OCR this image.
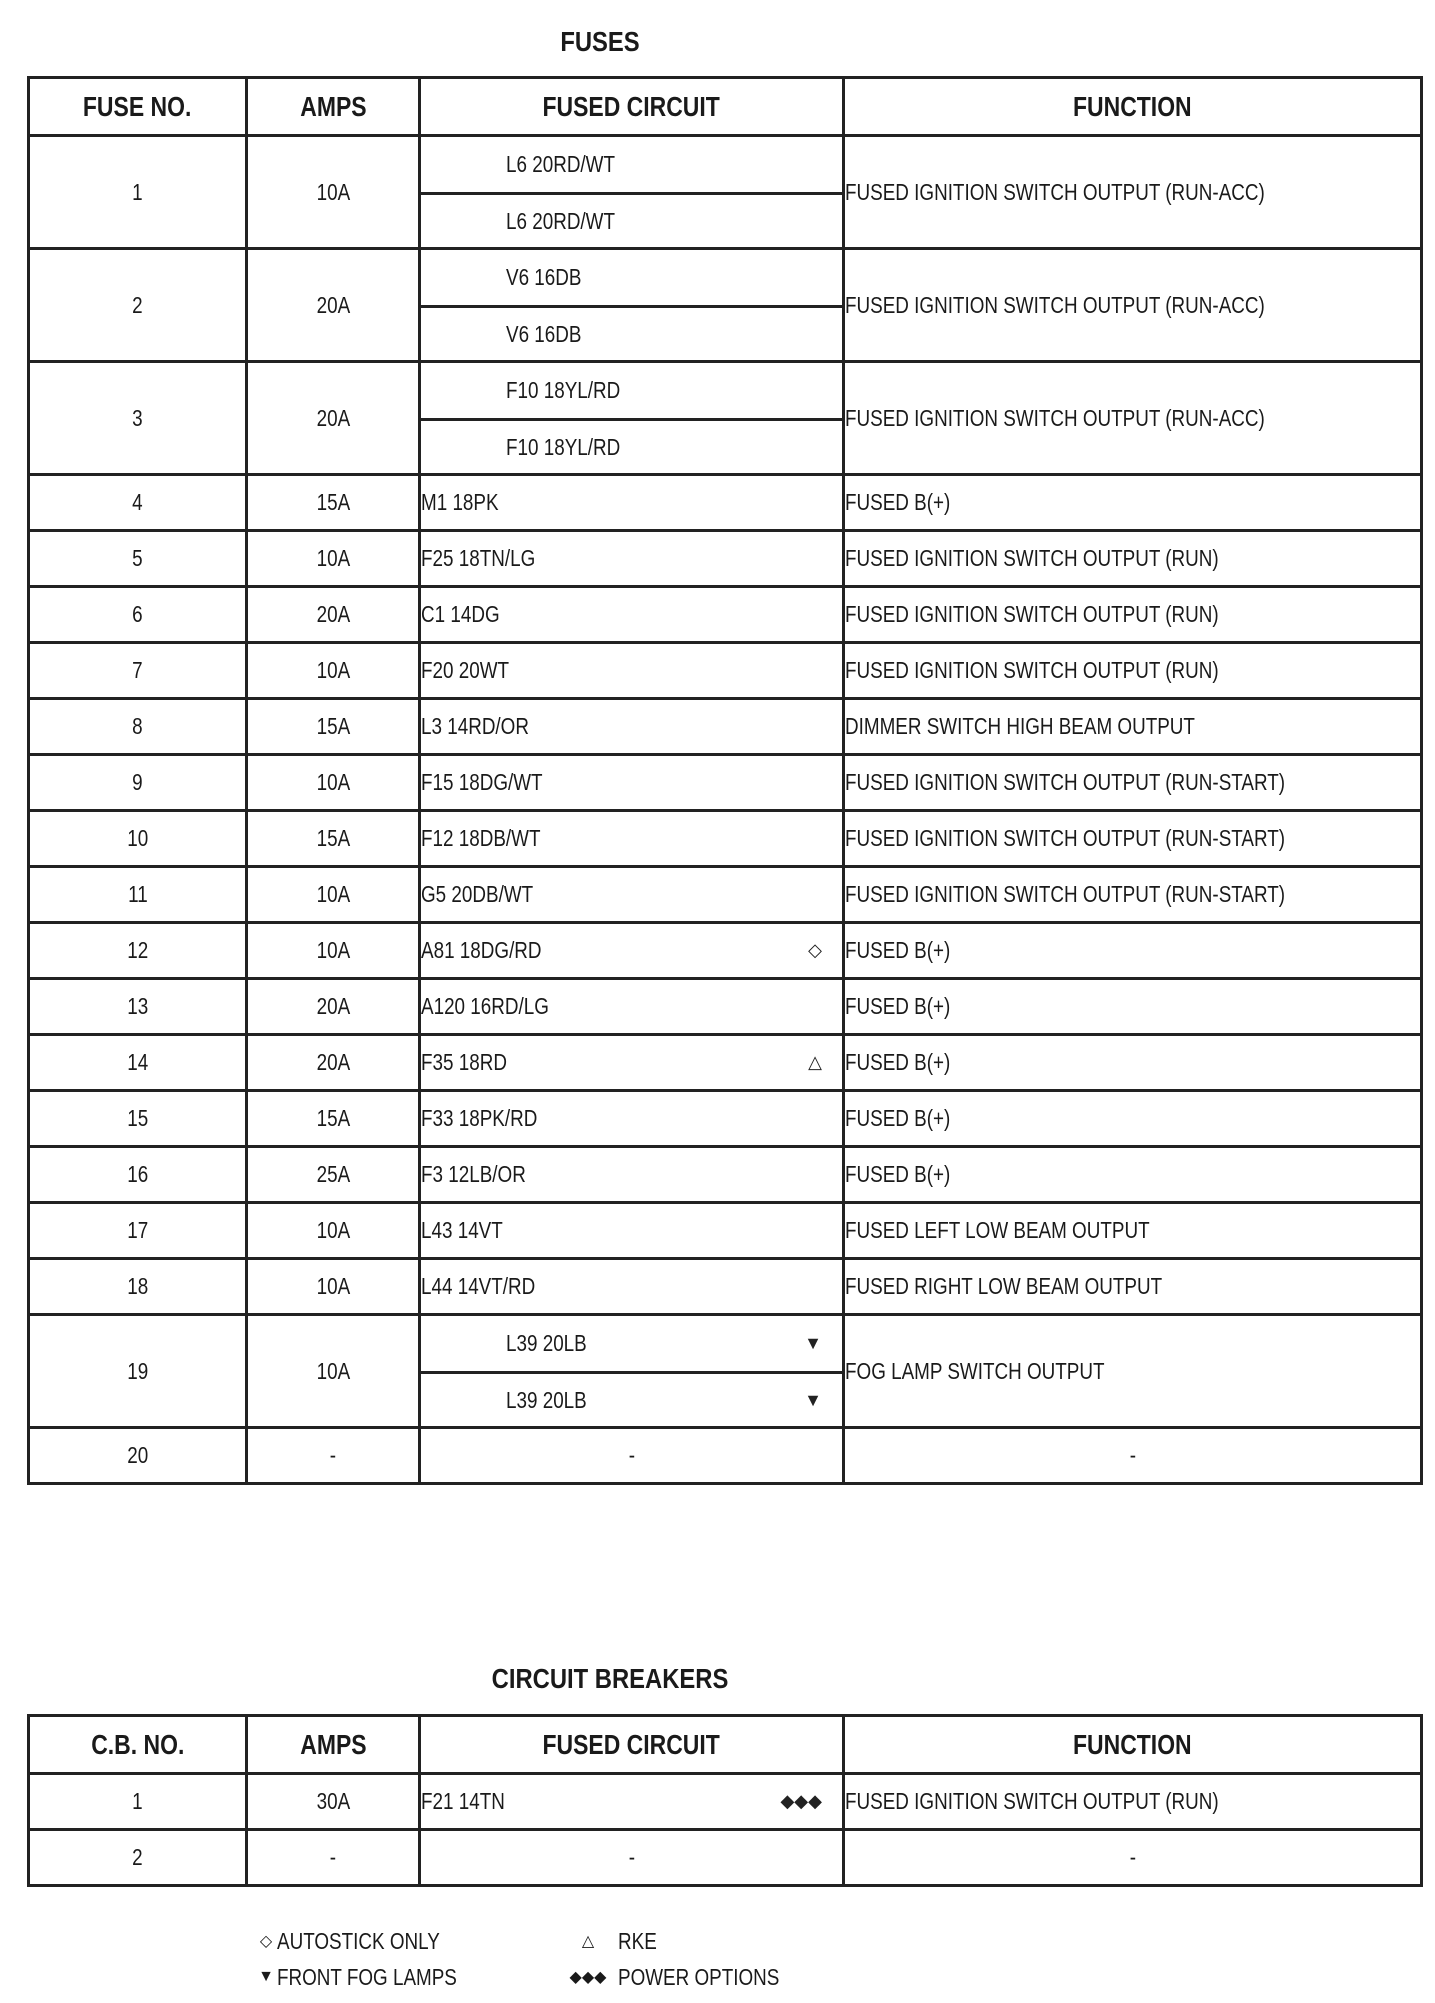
FUSES
FUSE NO.	AMPS	FUSED CIRCUIT	FUNCTION
1	10A	L6 20RD/WT
L6 20RD/WT	FUSED IGNITION SWITCH OUTPUT (RUN-ACC)
2	20A	V6 16DB
V6 16DB	FUSED IGNITION SWITCH OUTPUT (RUN-ACC)
3	20A	F10 18YL/RD
F10 18YL/RD	FUSED IGNITION SWITCH OUTPUT (RUN-ACC)
4	15A	M1 18PK	FUSED B(+)
5	10A	F25 18TN/LG	FUSED IGNITION SWITCH OUTPUT (RUN)
6	20A	C1 14DG	FUSED IGNITION SWITCH OUTPUT (RUN)
7	10A	F20 20WT	FUSED IGNITION SWITCH OUTPUT (RUN)
8	15A	L3 14RD/OR	DIMMER SWITCH HIGH BEAM OUTPUT
9	10A	F15 18DG/WT	FUSED IGNITION SWITCH OUTPUT (RUN-START)
10	15A	F12 18DB/WT	FUSED IGNITION SWITCH OUTPUT (RUN-START)
11	10A	G5 20DB/WT	FUSED IGNITION SWITCH OUTPUT (RUN-START)
12	10A	A81 18DG/RD ◇	FUSED B(+)
13	20A	A120 16RD/LG	FUSED B(+)
14	20A	F35 18RD △	FUSED B(+)
15	15A	F33 18PK/RD	FUSED B(+)
16	25A	F3 12LB/OR	FUSED B(+)
17	10A	L43 14VT	FUSED LEFT LOW BEAM OUTPUT
18	10A	L44 14VT/RD	FUSED RIGHT LOW BEAM OUTPUT
19	10A	L39 20LB ▼
L39 20LB ▼	FOG LAMP SWITCH OUTPUT
20	-	-	-
CIRCUIT BREAKERS
C.B. NO.	AMPS	FUSED CIRCUIT	FUNCTION
1	30A	F21 14TN ◆◆◆	FUSED IGNITION SWITCH OUTPUT (RUN)
2	-	-	-
◇ AUTOSTICK ONLY
▼ FRONT FOG LAMPS
△	RKE
◆◆◆ POWER OPTIONS
